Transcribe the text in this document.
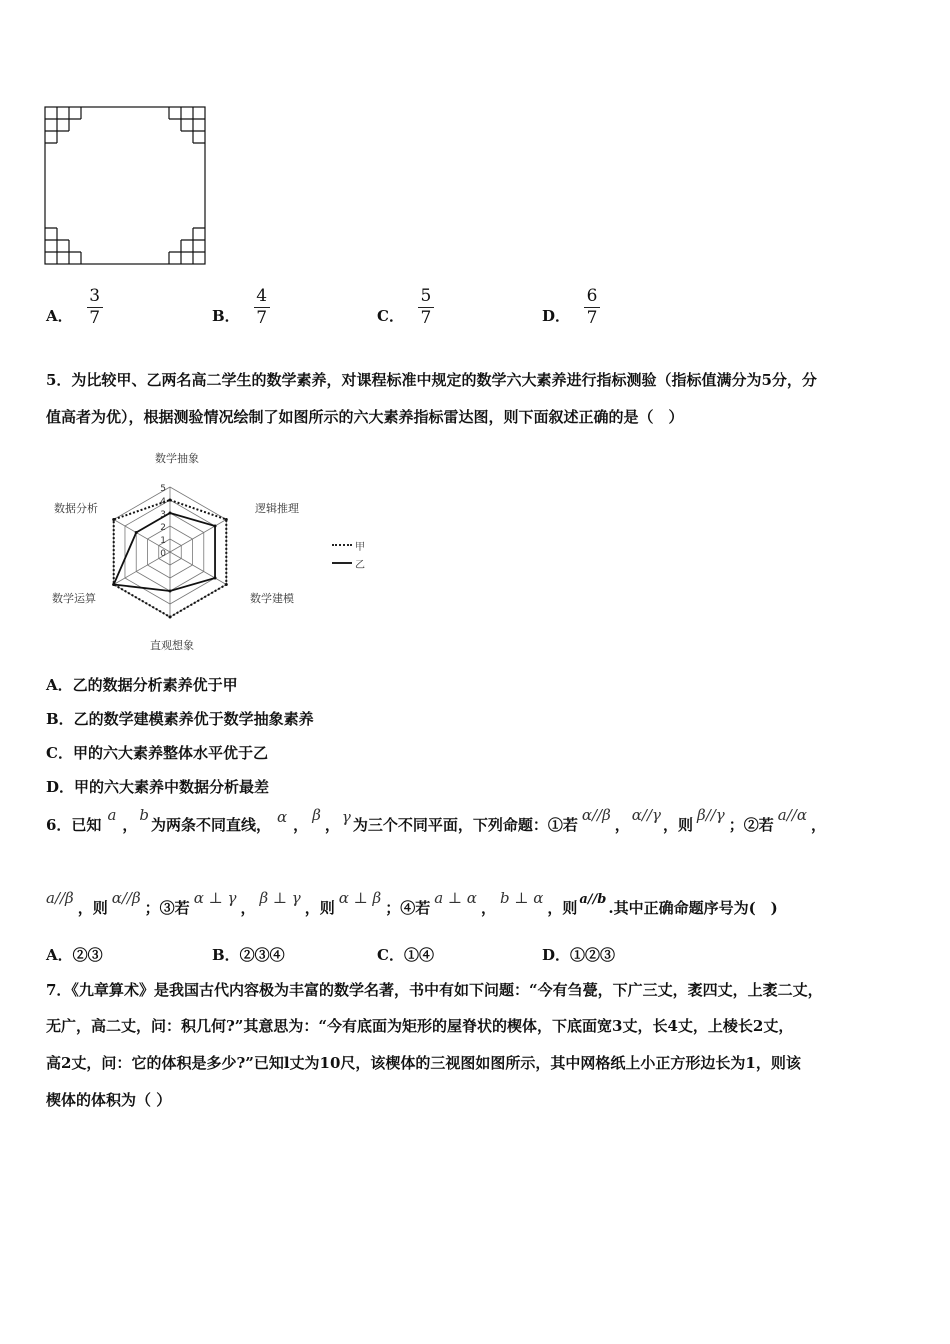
A． $\frac{3}{7}$	B． $\frac{4}{7}$	C． $\frac{5}{7}$	D． $\frac{6}{7}$
5．为比较甲、乙两名高二学生的数学素养，对课程标准中规定的数学六大素养进行指标测验（指标值满分为5分，分
值高者为优），根据测验情况绘制了如图所示的六大素养指标雷达图，则下面叙述正确的是（　）
0
1
2
3
4
5
数学抽象
逻辑推理
数学建模
直观想象
数学运算
数据分析
甲
乙
A．乙的数据分析素养优于甲
B．乙的数学建模素养优于数学抽象素养
C．甲的六大素养整体水平优于乙
D．甲的六大素养中数据分析最差
6．已知a，b为两条不同直线， α ，β， γ 为三个不同平面，下列命题：①若α//β，α//γ，则β//γ；②若a//α，
a//β，则α//β；③若α ⊥ γ，β ⊥ γ，则α ⊥ β；④若a ⊥ α，b ⊥ α，则 a//b .其中正确命题序号为(　)
A．②③	B．②③④	C．①④	D．①②③
7．《九章算术》是我国古代内容极为丰富的数学名著，书中有如下问题：“今有刍甍，下广三丈，袤四丈，上袤二丈，
无广，高二丈，问：积几何?”其意思为：“今有底面为矩形的屋脊状的楔体，下底面宽3丈，长4丈，上棱长2丈，
高2丈，问：它的体积是多少?”已知l丈为10尺，该楔体的三视图如图所示，其中网格纸上小正方形边长为1，则该
楔体的体积为（ ）
